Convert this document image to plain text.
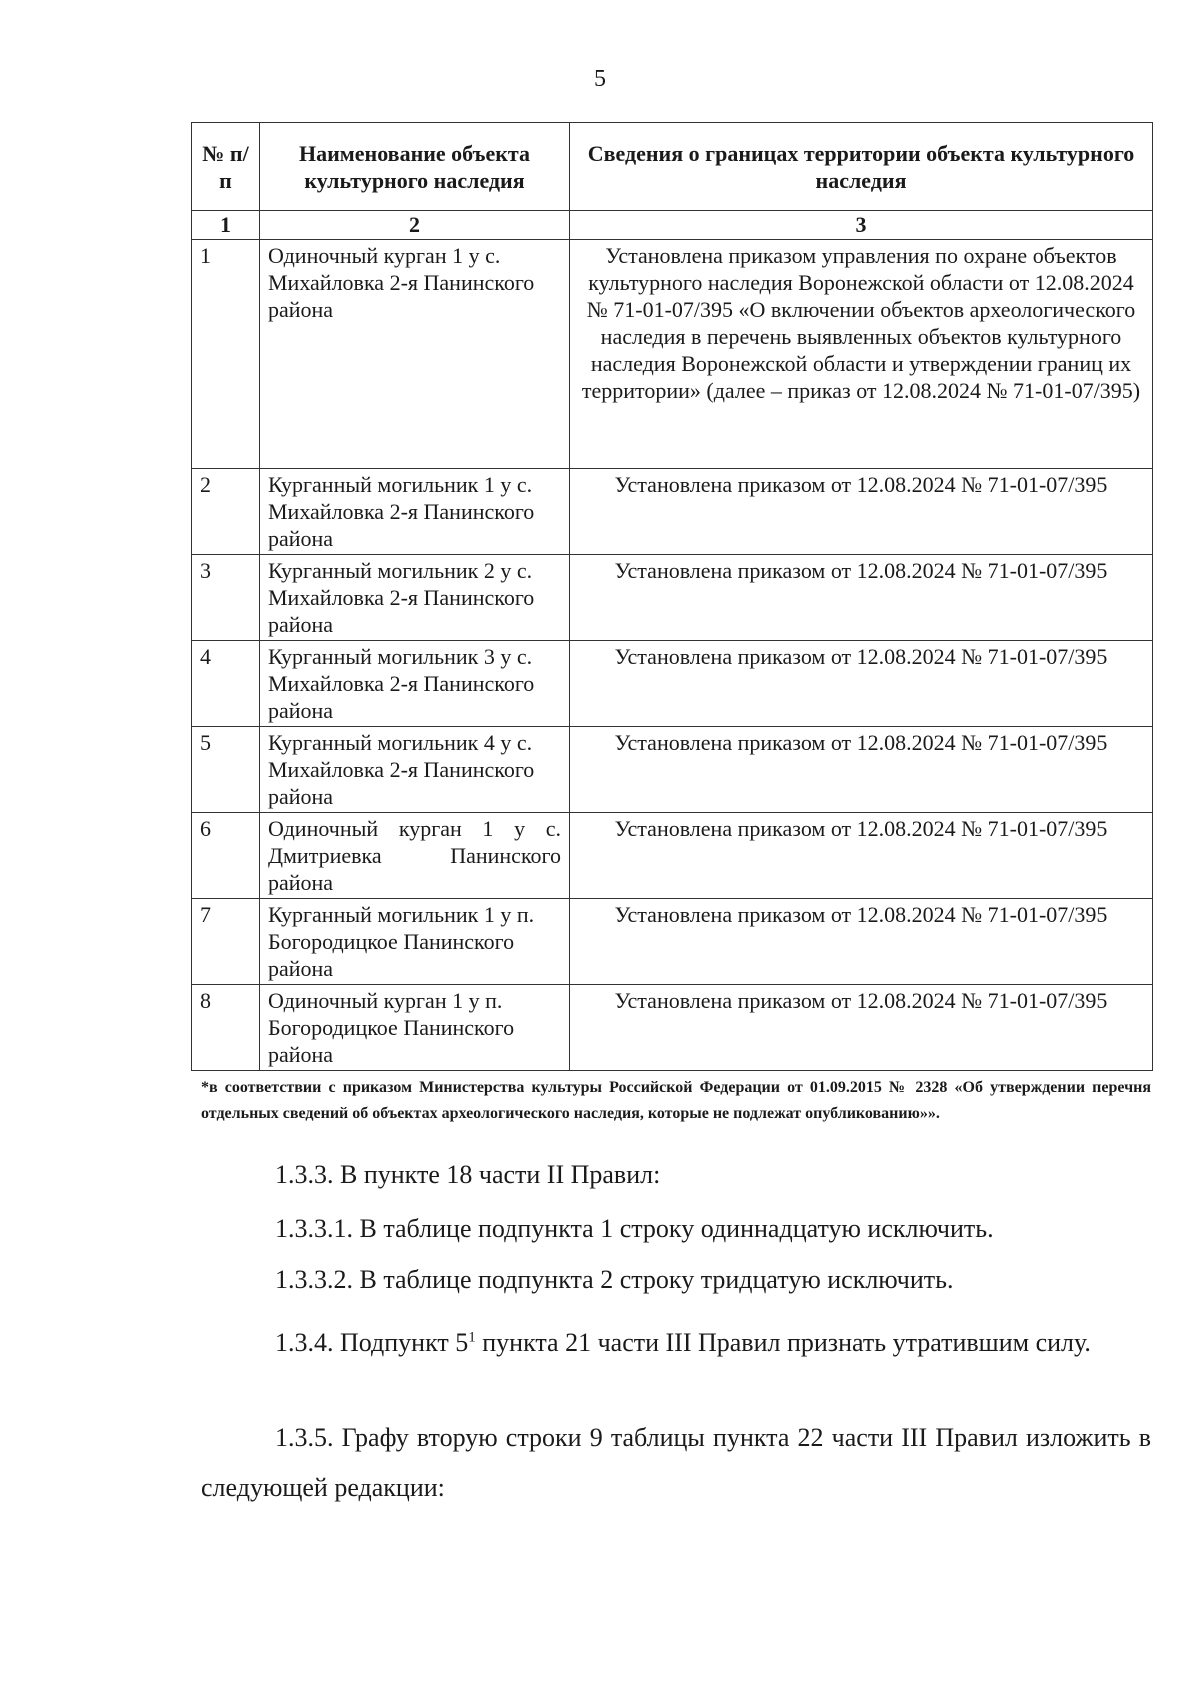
5
№ п/п	Наименование объекта культурного наследия	Сведения о границах территории объекта культурного наследия
1	2	3
1	Одиночный курган 1 у с. Михайловка 2-я Панинского района	Установлена приказом управления по охране объектов культурного наследия Воронежской области от 12.08.2024 № 71-01-07/395 «О включении объектов археологического наследия в перечень выявленных объектов культурного наследия Воронежской области и утверждении границ их территории» (далее – приказ от 12.08.2024 № 71-01-07/395)
2	Курганный могильник 1 у с. Михайловка 2-я Панинского района	Установлена приказом от 12.08.2024 № 71-01-07/395
3	Курганный могильник 2 у с. Михайловка 2-я Панинского района	Установлена приказом от 12.08.2024 № 71-01-07/395
4	Курганный могильник 3 у с. Михайловка 2-я Панинского района	Установлена приказом от 12.08.2024 № 71-01-07/395
5	Курганный могильник 4 у с. Михайловка 2-я Панинского района	Установлена приказом от 12.08.2024 № 71-01-07/395
6	Одиночный курган 1 у с. Дмитриевка Панинского района	Установлена приказом от 12.08.2024 № 71-01-07/395
7	Курганный могильник 1 у п. Богородицкое Панинского района	Установлена приказом от 12.08.2024 № 71-01-07/395
8	Одиночный курган 1 у п. Богородицкое Панинского района	Установлена приказом от 12.08.2024 № 71-01-07/395
*в соответствии с приказом Министерства культуры Российской Федерации от 01.09.2015 № 2328 «Об утверждении перечня отдельных сведений об объектах археологического наследия, которые не подлежат опубликованию»».

1.3.3. В пункте 18 части II Правил:

1.3.3.1. В таблице подпункта 1 строку одиннадцатую исключить.

1.3.3.2. В таблице подпункта 2 строку тридцатую исключить.

1.3.4. Подпункт $5^1$ пункта 21 части III Правил признать утратившим силу.

1.3.5. Графу вторую строки 9 таблицы пункта 22 части III Правил изложить в следующей редакции:
